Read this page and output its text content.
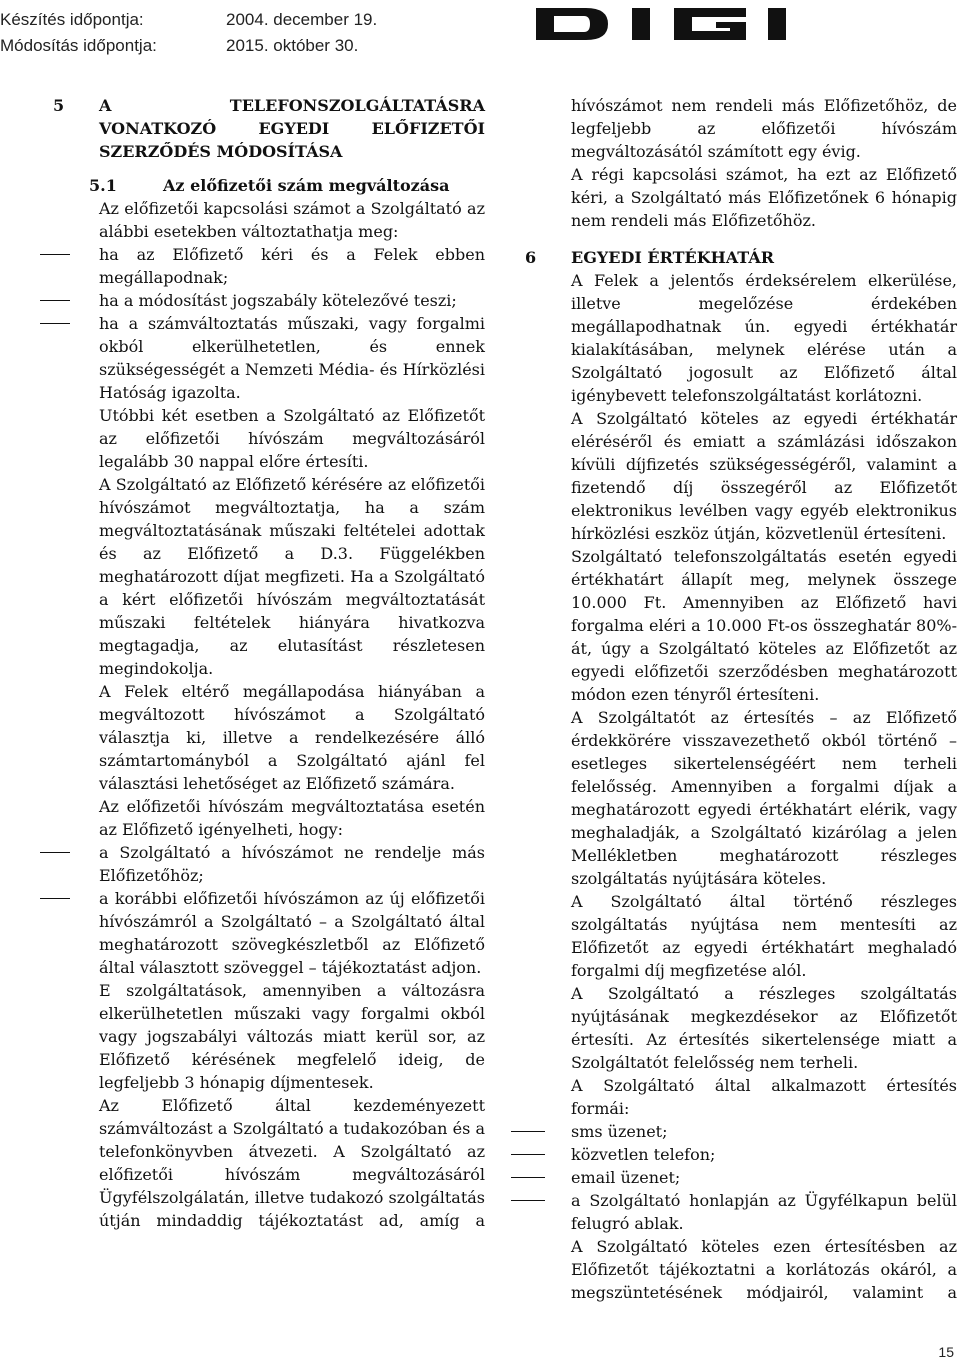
Készítés időpontja:	2004. december 19.
Módosítás időpontja:	2015. október 30.
5 A TELEFONSZOLGÁLTATÁSRA VONATKOZÓ EGYEDI ELŐFIZETŐI SZERZŐDÉS MÓDOSÍTÁSA

5.1	Az előfizetői szám megváltozása

Az előfizetői kapcsolási számot a Szolgáltató az alábbi esetekben változtathatja meg:

ha az Előfizető kéri és a Felek ebben megállapodnak;
ha a módosítást jogszabály kötelezővé teszi;
ha a számváltoztatás műszaki, vagy forgalmi okból elkerülhetetlen, és ennek szükségességét a Nemzeti Média- és Hírközlési Hatóság igazolta.

Utóbbi két esetben a Szolgáltató az Előfizetőt az előfizetői hívószám megváltozásáról legalább 30 nappal előre értesíti.

A Szolgáltató az Előfizető kérésére az előfizetői hívószámot megváltoztatja, ha a szám megváltoztatásának műszaki feltételei adottak és az Előfizető a D.3. Függelékben meghatározott díjat megfizeti. Ha a Szolgáltató a kért előfizetői hívószám megváltoztatását műszaki feltételek hiányára hivatkozva megtagadja, az elutasítást részletesen megindokolja.

A Felek eltérő megállapodása hiányában a megváltozott hívószámot a Szolgáltató választja ki, illetve a rendelkezésére álló számtartományból a Szolgáltató ajánl fel választási lehetőséget az Előfizető számára.

Az előfizetői hívószám megváltoztatása esetén az Előfizető igényelheti, hogy:

a Szolgáltató a hívószámot ne rendelje más Előfizetőhöz;
a korábbi előfizetői hívószámon az új előfizetői hívószámról a Szolgáltató – a Szolgáltató által meghatározott szövegkészletből az Előfizető által választott szöveggel – tájékoztatást adjon.

E szolgáltatások, amennyiben a változásra elkerülhetetlen műszaki vagy forgalmi okból vagy jogszabályi változás miatt kerül sor, az Előfizető kérésének megfelelő ideig, de legfeljebb 3 hónapig díjmentesek.

Az Előfizető által kezdeményezett számváltozást a Szolgáltató a tudakozóban és a telefonkönyvben átvezeti. A Szolgáltató az előfizetői hívószám megváltozásáról Ügyfélszolgálatán, illetve tudakozó szolgáltatás útján mindaddig tájékoztatást ad, amíg a

hívószámot nem rendeli más Előfizetőhöz, de legfeljebb az előfizetői hívószám megváltozásától számított egy évig.

A régi kapcsolási számot, ha ezt az Előfizető kéri, a Szolgáltató más Előfizetőnek 6 hónapig nem rendeli más Előfizetőhöz.

6 EGYEDI ÉRTÉKHATÁR

A Felek a jelentős érdeksérelem elkerülése, illetve megelőzése érdekében megállapodhatnak ún. egyedi értékhatár kialakításában, melynek elérése után a Szolgáltató jogosult az Előfizető által igénybevett telefonszolgáltatást korlátozni.

A Szolgáltató köteles az egyedi értékhatár eléréséről és emiatt a számlázási időszakon kívüli díjfizetés szükségességéről, valamint a fizetendő díj összegéről az Előfizetőt elektronikus levélben vagy egyéb elektronikus hírközlési eszköz útján, közvetlenül értesíteni.

Szolgáltató telefonszolgáltatás esetén egyedi értékhatárt állapít meg, melynek összege 10.000 Ft. Amennyiben az Előfizető havi forgalma eléri a 10.000 Ft-os összeghatár 80%-át, úgy a Szolgáltató köteles az Előfizetőt az egyedi előfizetői szerződésben meghatározott módon ezen tényről értesíteni.

A Szolgáltatót az értesítés – az Előfizető érdekkörére visszavezethető okból történő – esetleges sikertelenségéért nem terheli felelősség. Amennyiben a forgalmi díjak a meghatározott egyedi értékhatárt elérik, vagy meghaladják, a Szolgáltató kizárólag a jelen Mellékletben meghatározott részleges szolgáltatás nyújtására köteles.

A Szolgáltató által történő részleges szolgáltatás nyújtása nem mentesíti az Előfizetőt az egyedi értékhatárt meghaladó forgalmi díj megfizetése alól.

A Szolgáltató a részleges szolgáltatás nyújtásának megkezdésekor az Előfizetőt értesíti. Az értesítés sikertelensége miatt a Szolgáltatót felelősség nem terheli.

A Szolgáltató által alkalmazott értesítés formái:

sms üzenet;
közvetlen telefon;
email üzenet;
a Szolgáltató honlapján az Ügyfélkapun belül felugró ablak.

A Szolgáltató köteles ezen értesítésben az Előfizetőt tájékoztatni a korlátozás okáról, a megszüntetésének módjairól, valamint a

15
